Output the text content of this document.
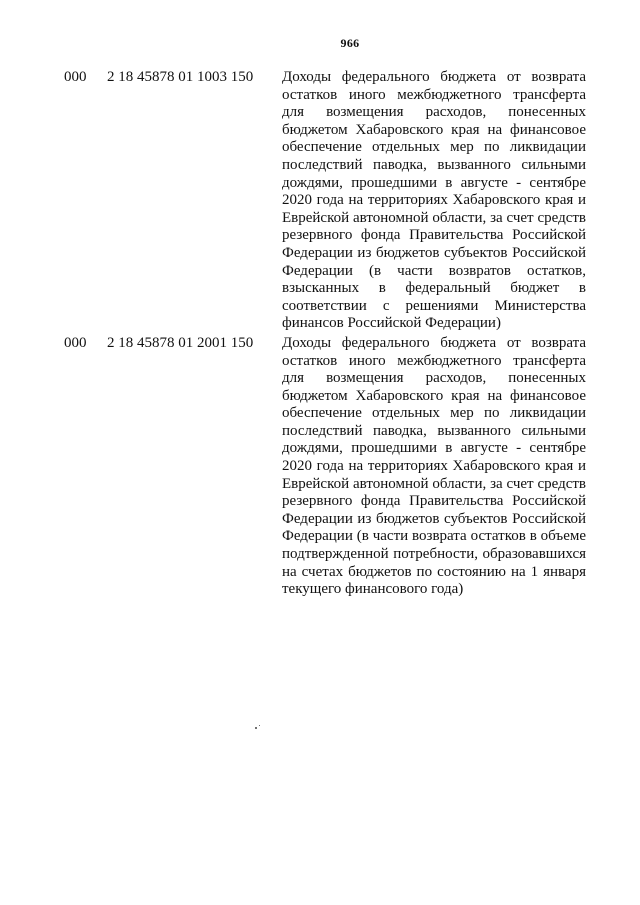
966
000 2 18 45878 01 1003 150 Доходы федерального бюджета от возврата остатков иного межбюджетного трансферта для возмещения расходов, понесенных бюджетом Хабаровского края на финансовое обеспечение отдельных мер по ликвидации последствий паводка, вызванного сильными дождями, прошедшими в августе - сентябре 2020 года на территориях Хабаровского края и Еврейской автономной области, за счет средств резервного фонда Правительства Российской Федерации из бюджетов субъектов Российской Федерации (в части возвратов остатков, взысканных в федеральный бюджет в соответствии с решениями Министерства финансов Российской Федерации)
000 2 18 45878 01 2001 150 Доходы федерального бюджета от возврата остатков иного межбюджетного трансферта для возмещения расходов, понесенных бюджетом Хабаровского края на финансовое обеспечение отдельных мер по ликвидации последствий паводка, вызванного сильными дождями, прошедшими в августе - сентябре 2020 года на территориях Хабаровского края и Еврейской автономной области, за счет средств резервного фонда Правительства Российской Федерации из бюджетов субъектов Российской Федерации (в части возврата остатков в объеме подтвержденной потребности, образовавшихся на счетах бюджетов по состоянию на 1 января текущего финансового года)
